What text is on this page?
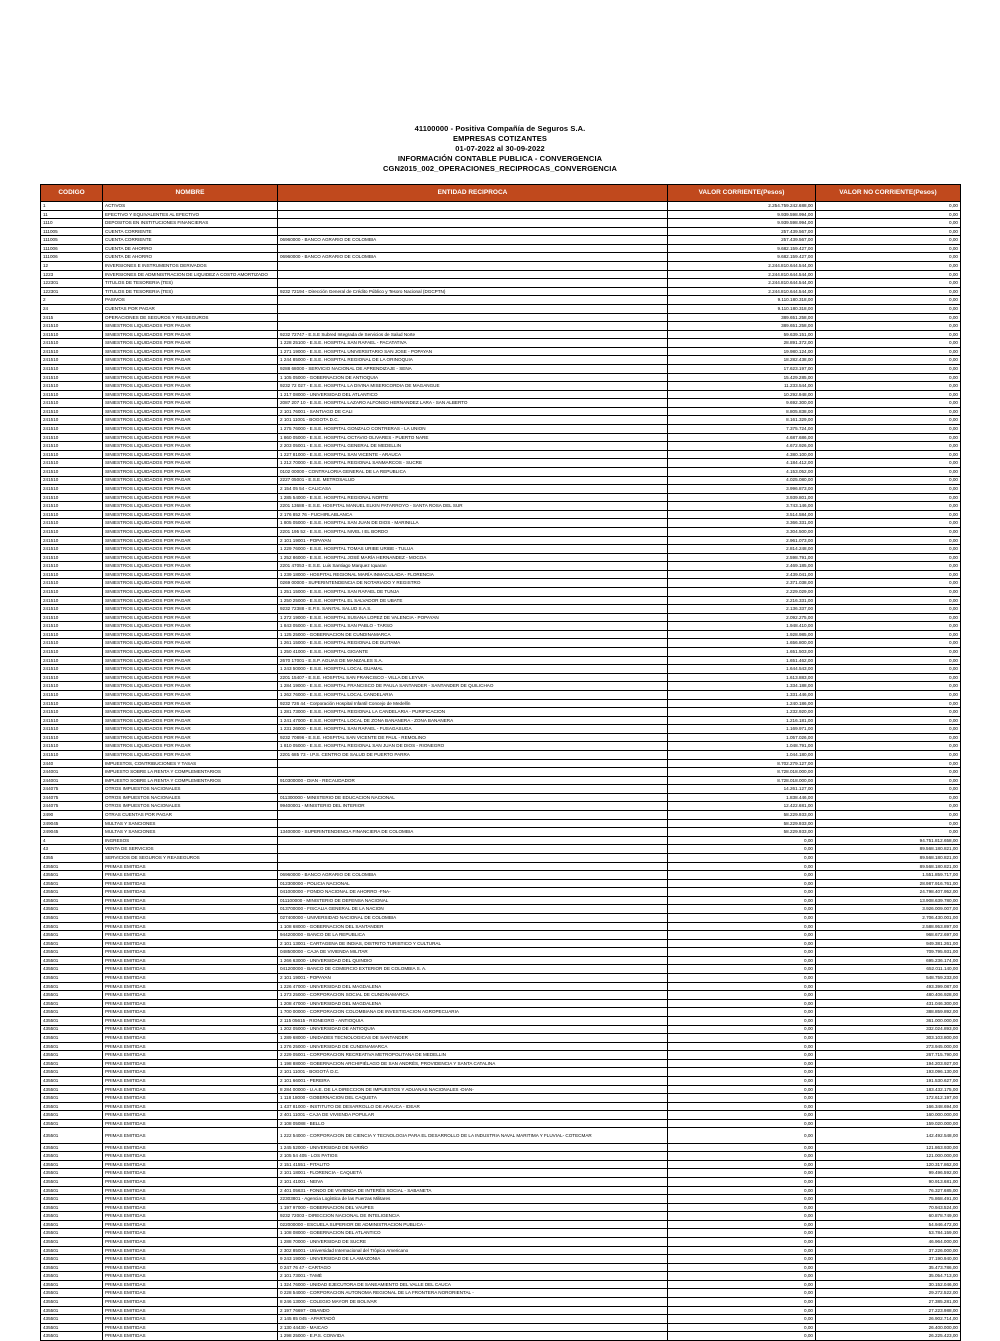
41100000 - Positiva Compañía de Seguros S.A.
EMPRESAS COTIZANTES
01-07-2022 al 30-09-2022
INFORMACIÓN CONTABLE PUBLICA - CONVERGENCIA
CGN2015_002_OPERACIONES_RECIPROCAS_CONVERGENCIA
CODIGO	NOMBRE	ENTIDAD RECIPROCA	VALOR CORRIENTE(Pesos)	VALOR NO CORRIENTE(Pesos)
1	ACTIVOS		2.254.759.242.688,00	0,00
11	EFECTIVO Y EQUIVALENTES AL EFECTIVO		9.939.598.994,00	0,00
1110	DEPOSITOS EN INSTITUCIONES FINANCIERAS		9.939.598.994,00	0,00
111005	CUENTA CORRIENTE		257.439.567,00	0,00
111005	CUENTA CORRIENTE	06960000 - BANCO AGRARIO DE COLOMBIA	257.439.567,00	0,00
111006	CUENTA DE AHORRO		9.682.159.427,00	0,00
111006	CUENTA DE AHORRO	06960000 - BANCO AGRARIO DE COLOMBIA	9.682.159.427,00	0,00
12	INVERSIONES E INSTRUMENTOS DERIVADOS		2.244.810.644.544,00	0,00
1223	INVERSIONES DE ADMINISTRACION DE LIQUIDEZ A COSTO AMORTIZADO		2.244.810.644.544,00	0,00
122301	TITULOS DE TESORERIA (TES)		2.244.810.644.544,00	0,00
122301	TITULOS DE TESORERIA (TES)	9232 72194 - Dirección General de Crédito Público y Tesoro Nacional (DGCPTN)	2.244.810.644.544,00	0,00
2	PASIVOS		9.110.180.318,00	0,00
24	CUENTAS POR PAGAR		9.110.180.318,00	0,00
2415	OPERACIONES DE SEGUROS Y REASEGUROS		389.651.258,00	0,00
241510	SINIESTROS LIQUIDADOS POR PAGAR		389.651.258,00	0,00
241510	SINIESTROS LIQUIDADOS POR PAGAR	9232 72747 - E.S.E Subred Integrada de Servicios de Salud Norte	59.639.151,00	0,00
241510	SINIESTROS LIQUIDADOS POR PAGAR	1 228 25100 - E.S.E. HOSPITAL SAN RAFAEL - PACATATIVA	28.891.372,00	0,00
241510	SINIESTROS LIQUIDADOS POR PAGAR	1 271 19000 - E.S.E. HOSPITAL UNIVERSITARIO SAN JOSE - POPAYAN	19.980.124,00	0,00
241510	SINIESTROS LIQUIDADOS POR PAGAR	1 244 85000 - E.S.E. HOSPITAL REGIONAL DE LA ORINOQUIA	18.282.438,00	0,00
241510	SINIESTROS LIQUIDADOS POR PAGAR	9288 68000 - SERVICIO NACIONAL DE APRENDIZAJE - SENA	17.623.197,00	0,00
241510	SINIESTROS LIQUIDADOS POR PAGAR	1 105 05000 - GOBERNACION DE ANTIOQUIA	15.429.285,00	0,00
241510	SINIESTROS LIQUIDADOS POR PAGAR	9232 72 027 - E.S.E. HOSPITAL LA DIVINA MISERICORDIA DE MAGANGUE	11.233.544,00	0,00
241510	SINIESTROS LIQUIDADOS POR PAGAR	1 217 08000 - UNIVERSIDAD DEL ATLANTICO	10.292.948,00	0,00
241510	SINIESTROS LIQUIDADOS POR PAGAR	2087 207 10 - E.S.E. HOSPITAL LAZARO ALFONSO HERNANDEZ LARA - SAN ALBERTO	9.692.300,00	0,00
241510	SINIESTROS LIQUIDADOS POR PAGAR	2 101 76001 - SANTIAGO DE CALI	8.805.838,00	0,00
241510	SINIESTROS LIQUIDADOS POR PAGAR	2 101 11001 - BOGOTA D.C.	8.161.329,00	0,00
241510	SINIESTROS LIQUIDADOS POR PAGAR	1 275 76000 - E.S.E. HOSPITAL GONZALO CONTRERAS - LA UNION	7.375.724,00	0,00
241510	SINIESTROS LIQUIDADOS POR PAGAR	1 860 05000 - E.S.E. HOSPITAL OCTAVIO OLIVARES - PUERTO NARE	4.687.686,00	0,00
241510	SINIESTROS LIQUIDADOS POR PAGAR	2 203 05001 - E.S.E. HOSPITAL GENERAL DE MEDELLIN	4.672.926,00	0,00
241510	SINIESTROS LIQUIDADOS POR PAGAR	1 227 81000 - E.S.E. HOSPITAL SAN VICENTE - ARAUCA	4.380.100,00	0,00
241510	SINIESTROS LIQUIDADOS POR PAGAR	1 212 70000 - E.S.E. HOSPITAL REGIONAL SANMARCOS - SUCRE	4.184.412,00	0,00
241510	SINIESTROS LIQUIDADOS POR PAGAR	0102 00000 - CONTRALORIA GENERAL DE LA REPUBLICA	4.153.052,00	0,00
241510	SINIESTROS LIQUIDADOS POR PAGAR	2227 05001 - E.S.E. METROSALUD	4.025.080,00	0,00
241510	SINIESTROS LIQUIDADOS POR PAGAR	2 154 05 54 - CALICASA	3.996.873,00	0,00
241510	SINIESTROS LIQUIDADOS POR PAGAR	1 285 54000 - E.S.E. HOSPITAL REGIONAL NORTE	3.939.801,00	0,00
241510	SINIESTROS LIQUIDADOS POR PAGAR	2201 13688 - E.S.E. HOSPITAL MANUEL ELKIN PATARROYO - SANTA ROSA DEL SUR	3.743.146,00	0,00
241510	SINIESTROS LIQUIDADOS POR PAGAR	2 176 852 76 - FUCHIRLABLANCA	3.514.584,00	0,00
241510	SINIESTROS LIQUIDADOS POR PAGAR	1 805 05000 - E.S.E. HOSPITAL SAN JUAN DE DIOS - MARINILLA	3.366.331,00	0,00
241510	SINIESTROS LIQUIDADOS POR PAGAR	2201 195 52 - E.S.E. HOSPITAL NIVEL I EL BORDO	3.304.500,00	0,00
241510	SINIESTROS LIQUIDADOS POR PAGAR	2 101 19001 - POPAYAN	2.961.073,00	0,00
241510	SINIESTROS LIQUIDADOS POR PAGAR	1 229 76000 - E.S.E. HOSPITAL TOMAS URIBE URIBE - TULUA	2.814.248,00	0,00
241510	SINIESTROS LIQUIDADOS POR PAGAR	1 252 86000 - E.S.E. HOSPITAL JOSÉ MARÍA HERNANDEZ - MOCOA	2.598.791,00	0,00
241510	SINIESTROS LIQUIDADOS POR PAGAR	2201 47053 - E.S.E. Luis Santiago Marquez Iquaran	2.469.185,00	0,00
241510	SINIESTROS LIQUIDADOS POR PAGAR	1 239 18000 - HOSPITAL REGIONAL MARÍA INMACULADA - FLORENCIA	2.439.041,00	0,00
241510	SINIESTROS LIQUIDADOS POR PAGAR	0269 00000 - SUPERINTENDENCIA DE NOTARIADO Y REGISTRO	2.371.038,00	0,00
241510	SINIESTROS LIQUIDADOS POR PAGAR	1 251 15000 - E.S.E. HOSPITAL SAN RAFAEL DE TUNJA	2.229.029,00	0,00
241510	SINIESTROS LIQUIDADOS POR PAGAR	1 250 25000 - E.S.E. HOSPITAL EL SALVADOR DE UBATE	2.216.331,00	0,00
241510	SINIESTROS LIQUIDADOS POR PAGAR	9232 72388 - E.P.S. SANITAL SALUD S.A.S.	2.136.337,00	0,00
241510	SINIESTROS LIQUIDADOS POR PAGAR	1 272 19000 - E.S.E. HOSPITAL SUSANA LOPEZ DE VALENCIA - POPAYAN	2.092.275,00	0,00
241510	SINIESTROS LIQUIDADOS POR PAGAR	1 843 05000 - E.S.E. HOSPITAL SAN PABLO - TARSO	1.948.410,00	0,00
241510	SINIESTROS LIQUIDADOS POR PAGAR	1 125 25000 - GOBERNACION DE CUNDINAMARCA	1.928.985,00	0,00
241510	SINIESTROS LIQUIDADOS POR PAGAR	1 261 15000 - E.S.E. HOSPITAL REGIONAL DE DUITAMA	1.656.800,00	0,00
241510	SINIESTROS LIQUIDADOS POR PAGAR	1 250 41000 - E.S.E. HOSPITAL GIGANTE	1.651.503,00	0,00
241510	SINIESTROS LIQUIDADOS POR PAGAR	2670 17001 - E.S.P. AGUAS DE MANIZALES S.A.	1.651.462,00	0,00
241510	SINIESTROS LIQUIDADOS POR PAGAR	1 243 50000 - E.S.E. HOSPITAL LOCAL GUAMAL	1.644.543,00	0,00
241510	SINIESTROS LIQUIDADOS POR PAGAR	2201 15407 - E.S.E. HOSPITAL SAN FRANCISCO - VILLA DE LEYVA	1.613.883,00	0,00
241510	SINIESTROS LIQUIDADOS POR PAGAR	1 284 19000 - E.S.E. HOSPITAL FRANCISCO DE PAULA SANTANDER - SANTANDER DE QUILICHAO	1.334.188,00	0,00
241510	SINIESTROS LIQUIDADOS POR PAGAR	1 262 76000 - E.S.E. HOSPITAL LOCAL CANDELARIA	1.331.446,00	0,00
241510	SINIESTROS LIQUIDADOS POR PAGAR	9232 726 44 - Corporación Hospital Infantil Concejo de Medellín	1.240.186,00	0,00
241510	SINIESTROS LIQUIDADOS POR PAGAR	1 281 73000 - E.S.E. HOSPITAL REGIONAL LA CANDELARIA - PURIFICACION	1.232.920,00	0,00
241510	SINIESTROS LIQUIDADOS POR PAGAR	1 241 47000 - E.S.E. HOSPITAL LOCAL DE ZONA BANANERA - ZONA BANANERA	1.216.181,00	0,00
241510	SINIESTROS LIQUIDADOS POR PAGAR	1 231 26000 - E.S.E. HOSPITAL SAN RAFAEL - FUSAGASUGA	1.169.971,00	0,00
241510	SINIESTROS LIQUIDADOS POR PAGAR	9232 70896 - E.S.E. HOSPITAL SAN VICENTE DE PAUL - REMOLINO	1.057.026,00	0,00
241510	SINIESTROS LIQUIDADOS POR PAGAR	1 810 05000 - E.S.E. HOSPITAL REGIONAL SAN JUAN DE DIOS - RIONEGRO	1.048.791,00	0,00
241510	SINIESTROS LIQUIDADOS POR PAGAR	2201 685 73 - I.P.S. CENTRO DE SALUD DE PUERTO PARRA	1.044.180,00	0,00
2440	IMPUESTOS, CONTRIBUCIONES Y TASAS		8.702.279.127,00	0,00
244001	IMPUESTO SOBRE LA RENTA Y COMPLEMENTARIOS		8.728.018.000,00	0,00
244001	IMPUESTO SOBRE LA RENTA Y COMPLEMENTARIOS	910300000 - DIAN - RECAUDADOR	8.728.018.000,00	0,00
244075	OTROS IMPUESTOS NACIONALES		14.261.127,00	0,00
244075	OTROS IMPUESTOS NACIONALES	011300000 - MINISTERIO DE EDUCACION NACIONAL	1.838.446,00	0,00
244075	OTROS IMPUESTOS NACIONALES	99400001 - MINISTERIO DEL INTERIOR	12.422.681,00	0,00
2490	OTRAS CUENTAS POR PAGAR		58.229.933,00	0,00
249045	MULTAS Y SANCIONES		58.229.933,00	0,00
249045	MULTAS Y SANCIONES	13400000 - SUPERINTENDENCIA FINANCIERA DE COLOMBIA	58.229.933,00	0,00
4	INGRESOS		0,00	94.751.812.658,00
43	VENTA DE SERVICIOS		0,00	89.568.180.821,00
4355	SERVICIOS DE SEGUROS Y REASEGUROS		0,00	89.568.180.821,00
435501	PRIMAS EMITIDAS		0,00	89.568.180.821,00
435501	PRIMAS EMITIDAS	06960000 - BANCO AGRARIO DE COLOMBIA	0,00	1.551.859.717,00
435501	PRIMAS EMITIDAS	012300000 - POLICIA NACIONAL	0,00	28.987.916.761,00
435501	PRIMAS EMITIDAS	041000000 - FONDO NACIONAL DE AHORRO -FNA-	0,00	24.798.407.952,00
435501	PRIMAS EMITIDAS	011100000 - MINISTERIO DE DEFENSA NACIONAL	0,00	13.908.639.780,00
435501	PRIMAS EMITIDAS	013700000 - FISCALIA GENERAL DE LA NACION	0,00	3.926.009.007,00
435501	PRIMAS EMITIDAS	027400000 - UNIVERSIDAD NACIONAL DE COLOMBIA	0,00	2.706.430.001,00
435501	PRIMAS EMITIDAS	1 108 68000 - GOBERNACION DEL SANTANDER	0,00	2.588.953.897,00
435501	PRIMAS EMITIDAS	944200000 - BANCO DE LA REPUBLICA	0,00	968.672.697,00
435501	PRIMAS EMITIDAS	2 101 13001 - CARTAGENA DE INDIAS, DISTRITO TURISTICO Y CULTURAL	0,00	949.381.261,00
435501	PRIMAS EMITIDAS	048500000 - CAJA DE VIVIENDA MILITAR	0,00	709.795.931,00
435501	PRIMAS EMITIDAS	1 266 63000 - UNIVERSIDAD DEL QUINDIO	0,00	695.236.174,00
435501	PRIMAS EMITIDAS	041200000 - BANCO DE COMERCIO EXTERIOR DE COLOMBIA S. A.	0,00	652.011.140,00
435501	PRIMAS EMITIDAS	2 101 19001 - POPAYAN	0,00	548.759.233,00
435501	PRIMAS EMITIDAS	1 226 47000 - UNIVERSIDAD DEL MAGDALENA	0,00	493.399.087,00
435501	PRIMAS EMITIDAS	1 273 25000 - CORPORACION SOCIAL DE CUNDINAMARCA	0,00	480.406.928,00
435501	PRIMAS EMITIDAS	1 208 47000 - UNIVERSIDAD DEL MAGDALENA	0,00	431.046.300,00
435501	PRIMAS EMITIDAS	1 700 00000 - CORPORACION COLOMBIANA DE INVESTIGACION AGROPECUARIA	0,00	388.859.892,00
435501	PRIMAS EMITIDAS	2 115 05615 - RIONEGRO - ANTIOQUIA	0,00	361.000.000,00
435501	PRIMAS EMITIDAS	1 202 05000 - UNIVERSIDAD DE ANTIOQUIA	0,00	332.024.893,00
435501	PRIMAS EMITIDAS	1 289 68000 - UNIDADES TECNOLOGICAS DE SANTANDER	0,00	303.103.800,00
435501	PRIMAS EMITIDAS	1 276 25000 - UNIVERSIDAD DE CUNDINAMARCA	0,00	273.945.000,00
435501	PRIMAS EMITIDAS	2 229 05001 - CORPORACION RECREATIVA METROPOLITANA DE MEDELLIN	0,00	267.715.790,00
435501	PRIMAS EMITIDAS	1 198 88000 - GOBERNACION ARCHIPIÉLAGO DE SAN ANDRÉS, PROVIDENCIA Y SANTA CATALINA	0,00	194.203.927,00
435501	PRIMAS EMITIDAS	2 101 11001 - BOGOTÁ D.C.	0,00	193.096.130,00
435501	PRIMAS EMITIDAS	2 101 66001 - PEREIRA	0,00	191.530.627,00
435501	PRIMAS EMITIDAS	8 284 00000 - U.A.E. DE LA DIRECCION DE IMPUESTOS Y ADUANAS NACIONALES -DIAN-	0,00	183.432.175,00
435501	PRIMAS EMITIDAS	1 118 18000 - GOBERNACION DEL CAQUETA	0,00	172.612.197,00
435501	PRIMAS EMITIDAS	1 437 81000 - INSTITUTO DE DESARROLLO DE ARAUCA - IDEAR	0,00	166.348.694,00
435501	PRIMAS EMITIDAS	2 401 11001 - CAJA DE VIVIENDA POPULAR	0,00	160.000.000,00
435501	PRIMAS EMITIDAS	2 108 05088 - BELLO	0,00	159.020.000,00
435501	PRIMAS EMITIDAS	1 222 54000 - CORPORACION DE CIENCIA Y TECNOLOGIA PARA EL DESARROLLO DE LA INDUSTRIA NAVAL MARITIMA Y FLUVIAL- COTECMAR	0,00	142.492.548,00
435501	PRIMAS EMITIDAS	1 245 52000 - UNIVERSIDAD DE NARIÑO	0,00	121.863.930,00
435501	PRIMAS EMITIDAS	2 105 54 405 - LOS PATIOS	0,00	121.000.000,00
435501	PRIMAS EMITIDAS	2 151 41551 - PITALITO	0,00	120.317.862,00
435501	PRIMAS EMITIDAS	2 101 18001 - FLORENCIA - CAQUETÁ	0,00	99.496.592,00
435501	PRIMAS EMITIDAS	2 101 41001 - NEIVA	0,00	90.913.681,00
435501	PRIMAS EMITIDAS	2 401 05631 - FONDO DE VIVIENDA DE INTERÉS SOCIAL - SABANETA	0,00	76.327.685,00
435501	PRIMAS EMITIDAS	22303801 - Agencia Logística de las Fuerzas Militares	0,00	75.868.491,00
435501	PRIMAS EMITIDAS	1 197 97000 - GOBERNACION DEL VAUPES	0,00	70.943.524,00
435501	PRIMAS EMITIDAS	9232 72003 - DIRECCION NACIONAL DE INTELIGENCIA	0,00	60.878.749,00
435501	PRIMAS EMITIDAS	022000000 - ESCUELA SUPERIOR DE ADMINISTRACION PUBLICA -	0,00	54.946.472,00
435501	PRIMAS EMITIDAS	1 108 08000 - GOBERNACION DEL ATLANTICO	0,00	53.784.159,00
435501	PRIMAS EMITIDAS	1 288 70000 - UNIVERSIDAD DE SUCRE	0,00	46.964.000,00
435501	PRIMAS EMITIDAS	2 302 85001 - Universidad Internacional del Trópico Americano	0,00	37.226.000,00
435501	PRIMAS EMITIDAS	9 243 19000 - UNIVERSIDAD DE LA AMAZONIA	0,00	37.190.940,00
435501	PRIMAS EMITIDAS	0 247 76 47 - CARTAGO	0,00	35.473.786,00
435501	PRIMAS EMITIDAS	2 101 73001 - TAMÉ	0,00	35.054.713,00
435501	PRIMAS EMITIDAS	1 324 76000 - UNIDAD EJECUTORA DE SANEAMIENTO DEL VALLE DEL CAUCA	0,00	30.152.046,00
435501	PRIMAS EMITIDAS	0 228 54000 - CORPORACION AUTONOMA REGIONAL DE LA FRONTERA NORORIENTAL -	0,00	29.272.522,00
435501	PRIMAS EMITIDAS	8 246 13000 - COLEGIO MAYOR DE BOLIVAR	0,00	27.385.281,00
435501	PRIMAS EMITIDAS	2 197 76697 - OBANDO	0,00	27.223.988,00
435501	PRIMAS EMITIDAS	2 145 85 045 - APARTADÓ	0,00	26.902.714,00
435501	PRIMAS EMITIDAS	2 130 44430 - MAICAO	0,00	26.400.000,00
435501	PRIMAS EMITIDAS	1 298 25000 - E.P.S. CONVIDA	0,00	26.225.423,00
